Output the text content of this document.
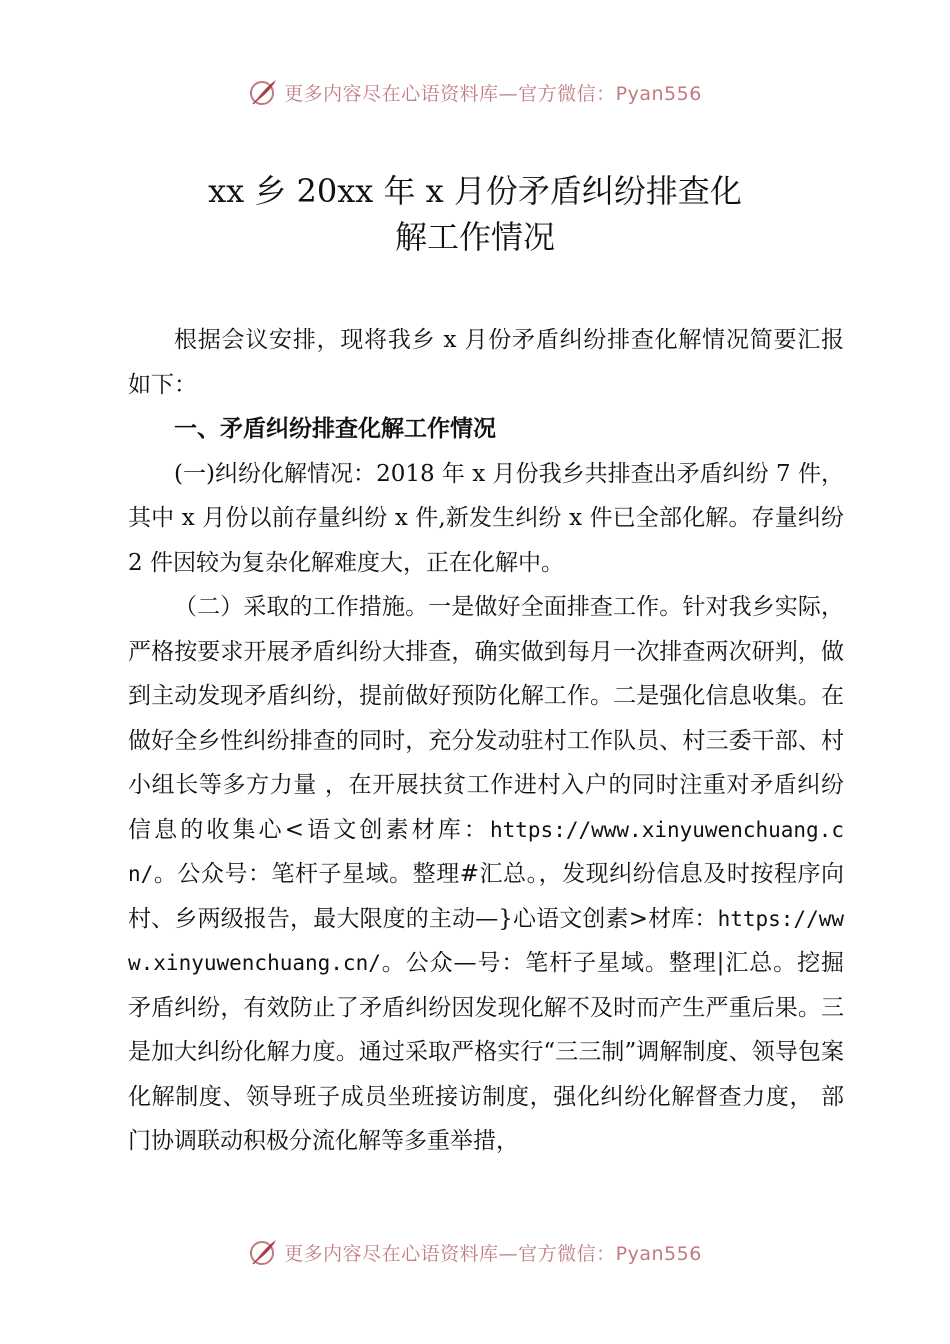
更多内容尽在心语资料库—官方微信：Pyan556
xx 乡 20xx 年 x 月份矛盾纠纷排查化
解工作情况

根据会议安排，现将我乡 x 月份矛盾纠纷排查化解情况简要汇报如下：

一、矛盾纠纷排查化解工作情况

(一)纠纷化解情况：2018 年 x 月份我乡共排查出矛盾纠纷 7 件，其中 x 月份以前存量纠纷 x 件,新发生纠纷 x 件已全部化解。存量纠纷 2 件因较为复杂化解难度大，正在化解中。

（二）采取的工作措施。一是做好全面排查工作。针对我乡实际，严格按要求开展矛盾纠纷大排查，确实做到每月一次排查两次研判，做到主动发现矛盾纠纷，提前做好预防化解工作。二是强化信息收集。在做好全乡性纠纷排查的同时，充分发动驻村工作队员、村三委干部、村小组长等多方力量 ，在开展扶贫工作进村入户的同时注重对矛盾纠纷信息的收集心<语文创素材库：https://www.xinyuwenchuang.cn/。公众号：笔杆子星域。整理#汇总。，发现纠纷信息及时按程序向村、乡两级报告，最大限度的主动—}心语文创素>材库：https://www.xinyuwenchuang.cn/。公众—号：笔杆子星域。整理|汇总。挖掘矛盾纠纷，有效防止了矛盾纠纷因发现化解不及时而产生严重后果。三是加大纠纷化解力度。通过采取严格实行“三三制”调解制度、领导包案化解制度、领导班子成员坐班接访制度，强化纠纷化解督查力度， 部门协调联动积极分流化解等多重举措，

更多内容尽在心语资料库—官方微信：Pyan556
